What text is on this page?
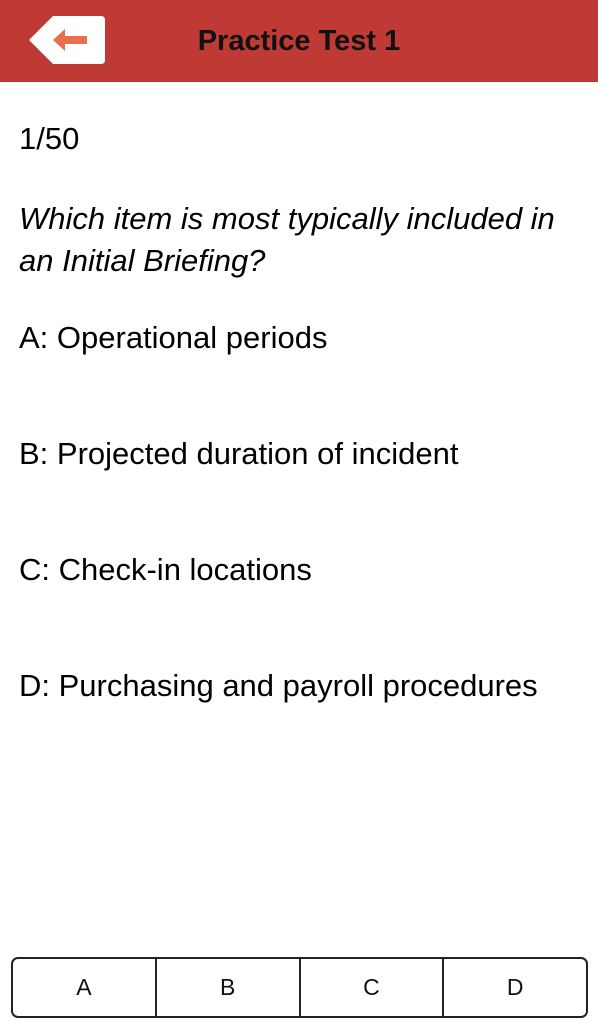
Practice Test 1
1/50
Which item is most typically included in an Initial Briefing?
A: Operational periods
B: Projected duration of incident
C: Check-in locations
D: Purchasing and payroll procedures
A	B	C	D
